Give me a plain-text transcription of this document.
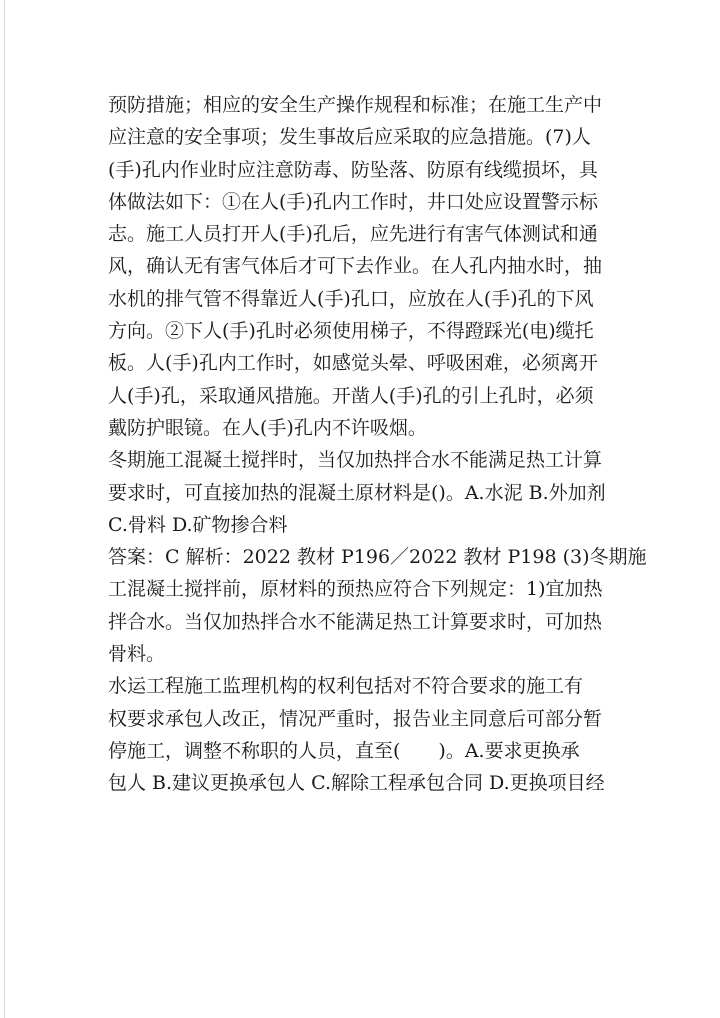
预防措施；相应的安全生产操作规程和标准；在施工生产中
应注意的安全事项；发生事故后应采取的应急措施。(7)人
(手)孔内作业时应注意防毒、防坠落、防原有线缆损坏，具
体做法如下：①在人(手)孔内工作时，井口处应设置警示标
志。施工人员打开人(手)孔后，应先进行有害气体测试和通
风，确认无有害气体后才可下去作业。在人孔内抽水时，抽
水机的排气管不得靠近人(手)孔口，应放在人(手)孔的下风
方向。②下人(手)孔时必须使用梯子，不得蹬踩光(电)缆托
板。人(手)孔内工作时，如感觉头晕、呼吸困难，必须离开
人(手)孔，采取通风措施。开凿人(手)孔的引上孔时，必须
戴防护眼镜。在人(手)孔内不许吸烟。
冬期施工混凝土搅拌时，当仅加热拌合水不能满足热工计算
要求时，可直接加热的混凝土原材料是()。A.水泥 B.外加剂
C.骨料 D.矿物掺合料
答案：C 解析：2022 教材 P196／2022 教材 P198 (3)冬期施
工混凝土搅拌前，原材料的预热应符合下列规定：1)宜加热
拌合水。当仅加热拌合水不能满足热工计算要求时，可加热
骨料。
水运工程施工监理机构的权利包括对不符合要求的施工有
权要求承包人改正，情况严重时，报告业主同意后可部分暂
停施工，调整不称职的人员，直至(　　)。A.要求更换承
包人 B.建议更换承包人 C.解除工程承包合同 D.更换项目经
